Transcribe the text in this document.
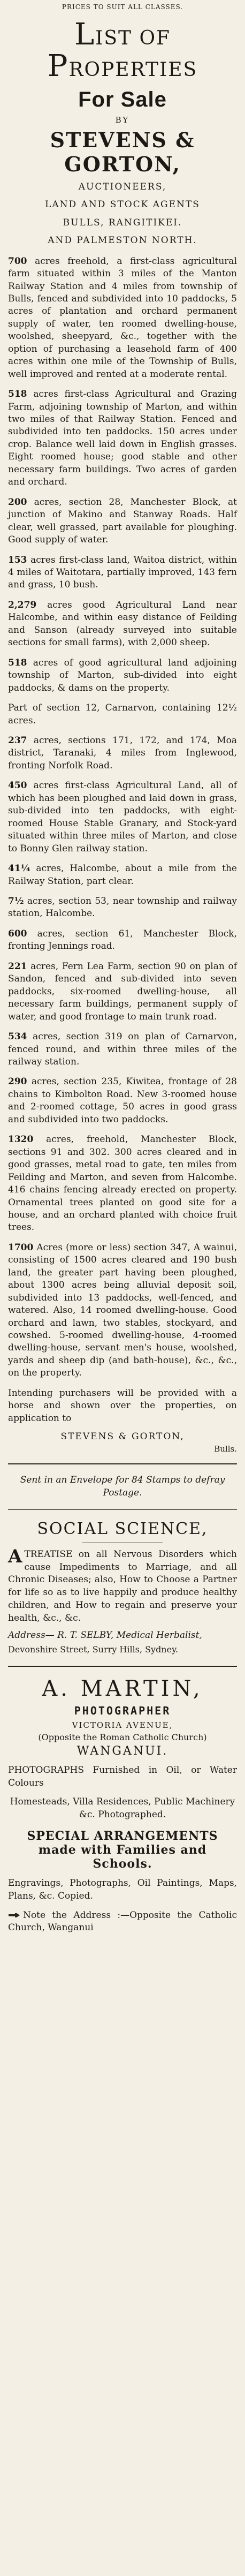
PRICES TO SUIT ALL CLASSES.
LIST OF PROPERTIES
For Sale
BY
STEVENS & GORTON,
AUCTIONEERS,
LAND AND STOCK AGENTS
BULLS, RANGITIKEI.
AND PALMESTON NORTH.

700 acres freehold, a first-class agricultural farm situated within 3 miles of the Manton Railway Station and 4 miles from township of Bulls, fenced and subdivided into 10 paddocks, 5 acres of plantation and orchard permanent supply of water, ten roomed dwelling-house, woolshed, sheepyard, &c., together with the option of purchasing a leasehold farm of 400 acres within one mile of the Township of Bulls, well improved and rented at a moderate rental.

518 acres first-class Agricultural and Grazing Farm, adjoining township of Marton, and within two miles of that Railway Station. Fenced and subdivided into ten paddocks. 150 acres under crop. Balance well laid down in English grasses. Eight roomed house; good stable and other necessary farm buildings. Two acres of garden and orchard.

200 acres, section 28, Manchester Block, at junction of Makino and Stanway Roads. Half clear, well grassed, part available for ploughing. Good supply of water.

153 acres first-class land, Waitoa district, within 4 miles of Waitotara, partially improved, 143 fern and grass, 10 bush.

2,279 acres good Agricultural Land near Halcombe, and within easy distance of Feilding and Sanson (already surveyed into suitable sections for small farms), with 2,000 sheep.

518 acres of good agricultural land adjoining township of Marton, sub-divided into eight paddocks, & dams on the property.

Part of section 12, Carnarvon, containing 12½ acres.

237 acres, sections 171, 172, and 174, Moa district, Taranaki, 4 miles from Inglewood, fronting Norfolk Road.

450 acres first-class Agricultural Land, all of which has been ploughed and laid down in grass, sub-divided into ten paddocks, with eight-roomed House Stable Granary, and Stock-yard situated within three miles of Marton, and close to Bonny Glen railway station.

41¼ acres, Halcombe, about a mile from the Railway Station, part clear.

7½ acres, section 53, near township and railway station, Halcombe.

600 acres, section 61, Manchester Block, fronting Jennings road.

221 acres, Fern Lea Farm, section 90 on plan of Sandon, fenced and sub-divided into seven paddocks, six-roomed dwelling-house, all necessary farm buildings, permanent supply of water, and good frontage to main trunk road.

534 acres, section 319 on plan of Carnarvon, fenced round, and within three miles of the railway station.

290 acres, section 235, Kiwitea, frontage of 28 chains to Kimbolton Road. New 3-roomed house and 2-roomed cottage, 50 acres in good grass and subdivided into two paddocks.

1320 acres, freehold, Manchester Block, sections 91 and 302. 300 acres cleared and in good grasses, metal road to gate, ten miles from Feilding and Marton, and seven from Halcombe. 416 chains fencing already erected on property. Ornamental trees planted on good site for a house, and an orchard planted with choice fruit trees.

1700 Acres (more or less) section 347, A wainui, consisting of 1500 acres cleared and 190 bush land, the greater part having been ploughed, about 1300 acres being alluvial deposit soil, subdivided into 13 paddocks, well-fenced, and watered. Also, 14 roomed dwelling-house. Good orchard and lawn, two stables, stockyard, and cowshed. 5-roomed dwelling-house, 4-roomed dwelling-house, servant men's house, woolshed, yards and sheep dip (and bath-house), &c., &c., on the property.

Intending purchasers will be provided with a horse and shown over the properties, on application to

STEVENS & GORTON,
Bulls.
Sent in an Envelope for 84 Stamps to defray Postage.
SOCIAL SCIENCE,
ATREATISE on all Nervous Disorders which cause Impediments to Marriage, and all Chronic Diseases; also, How to Choose a Partner for life so as to live happily and produce healthy children, and How to regain and preserve your health, &c., &c.
Address— R. T. SELBY, Medical Herbalist,
Devonshire Street, Surry Hills, Sydney.
A. MARTIN,
PHOTOGRAPHER
VICTORIA AVENUE,
(Opposite the Roman Catholic Church)
WANGANUI.
PHOTOGRAPHS Furnished in Oil, or Water Colours
Homesteads, Villa Residences, Public Machinery &c. Photographed.
SPECIAL ARRANGEMENTS made with Families and Schools.
Engravings, Photographs, Oil Paintings, Maps, Plans, &c. Copied.
Note the Address :—Opposite the Catholic Church, Wanganui
